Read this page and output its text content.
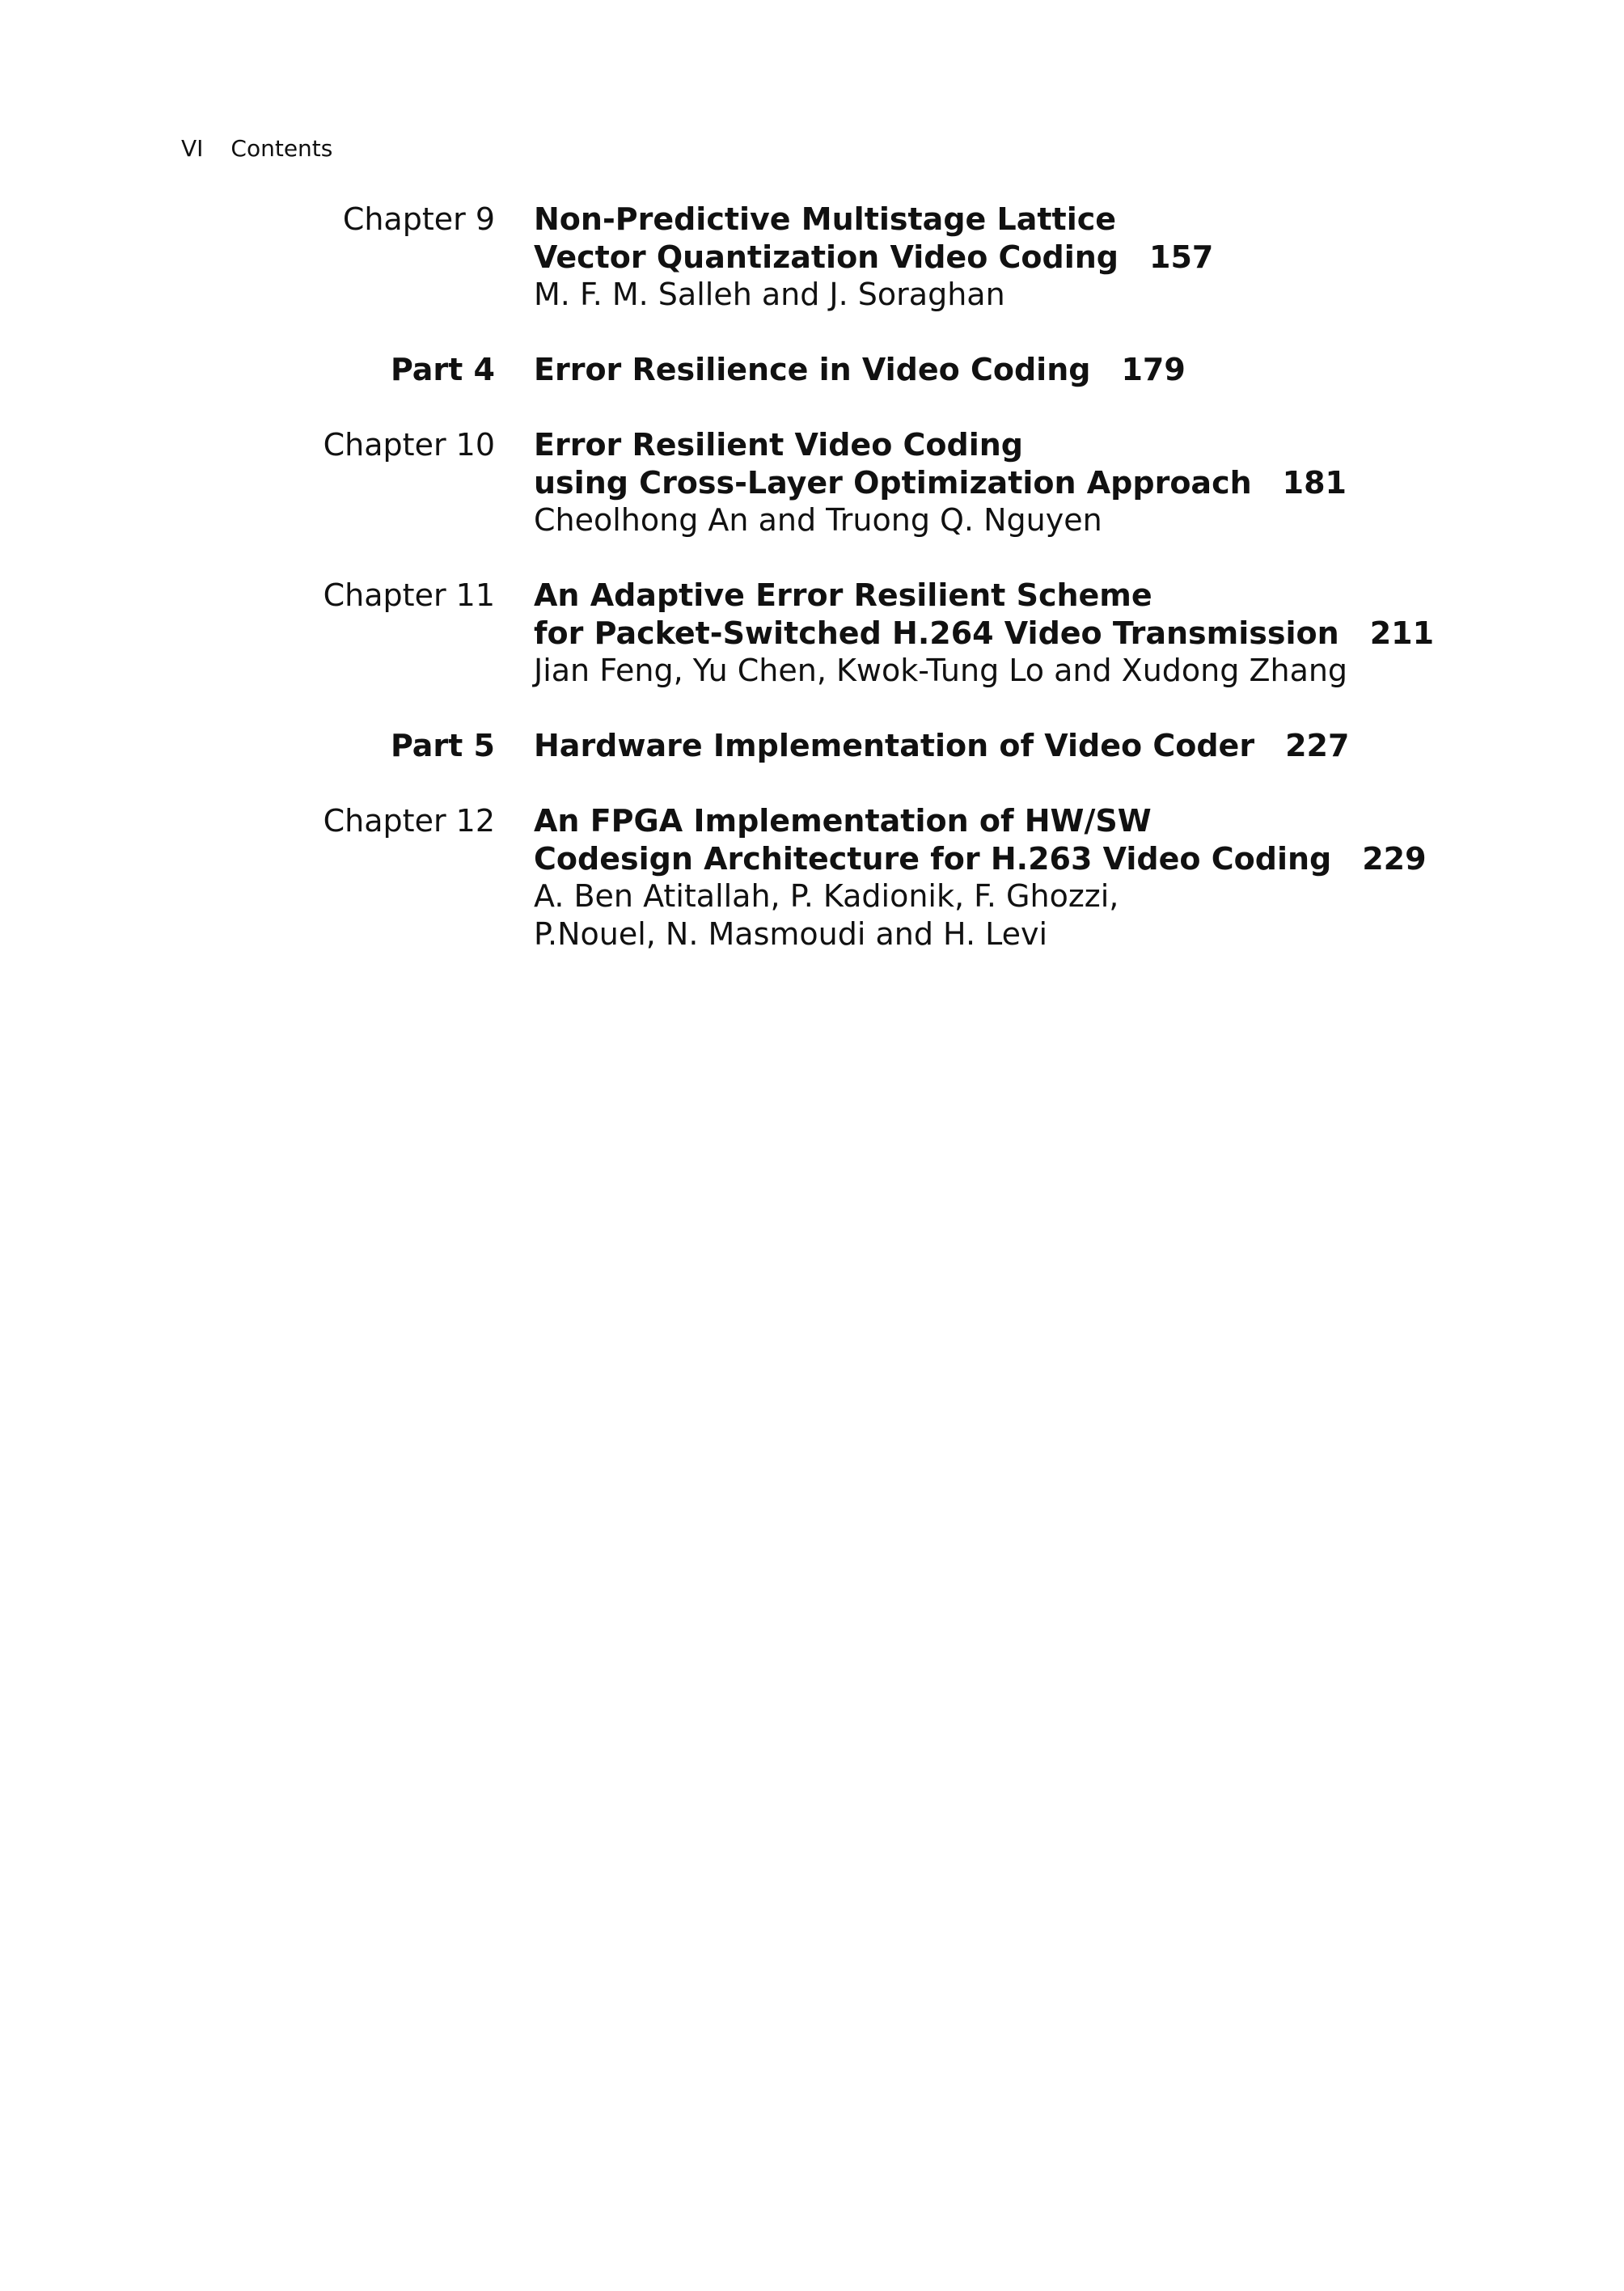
VI Contents
Chapter 9 Non-Predictive Multistage Lattice
Vector Quantization Video Coding 157
M. F. M. Salleh and J. Soraghan
Part 4 Error Resilience in Video Coding 179
Chapter 10 Error Resilient Video Coding
using Cross-Layer Optimization Approach 181
Cheolhong An and Truong Q. Nguyen
Chapter 11 An Adaptive Error Resilient Scheme
for Packet-Switched H.264 Video Transmission 211
Jian Feng, Yu Chen, Kwok-Tung Lo and Xudong Zhang
Part 5 Hardware Implementation of Video Coder 227
Chapter 12 An FPGA Implementation of HW/SW
Codesign Architecture for H.263 Video Coding 229
A. Ben Atitallah, P. Kadionik, F. Ghozzi,
P.Nouel, N. Masmoudi and H. Levi
